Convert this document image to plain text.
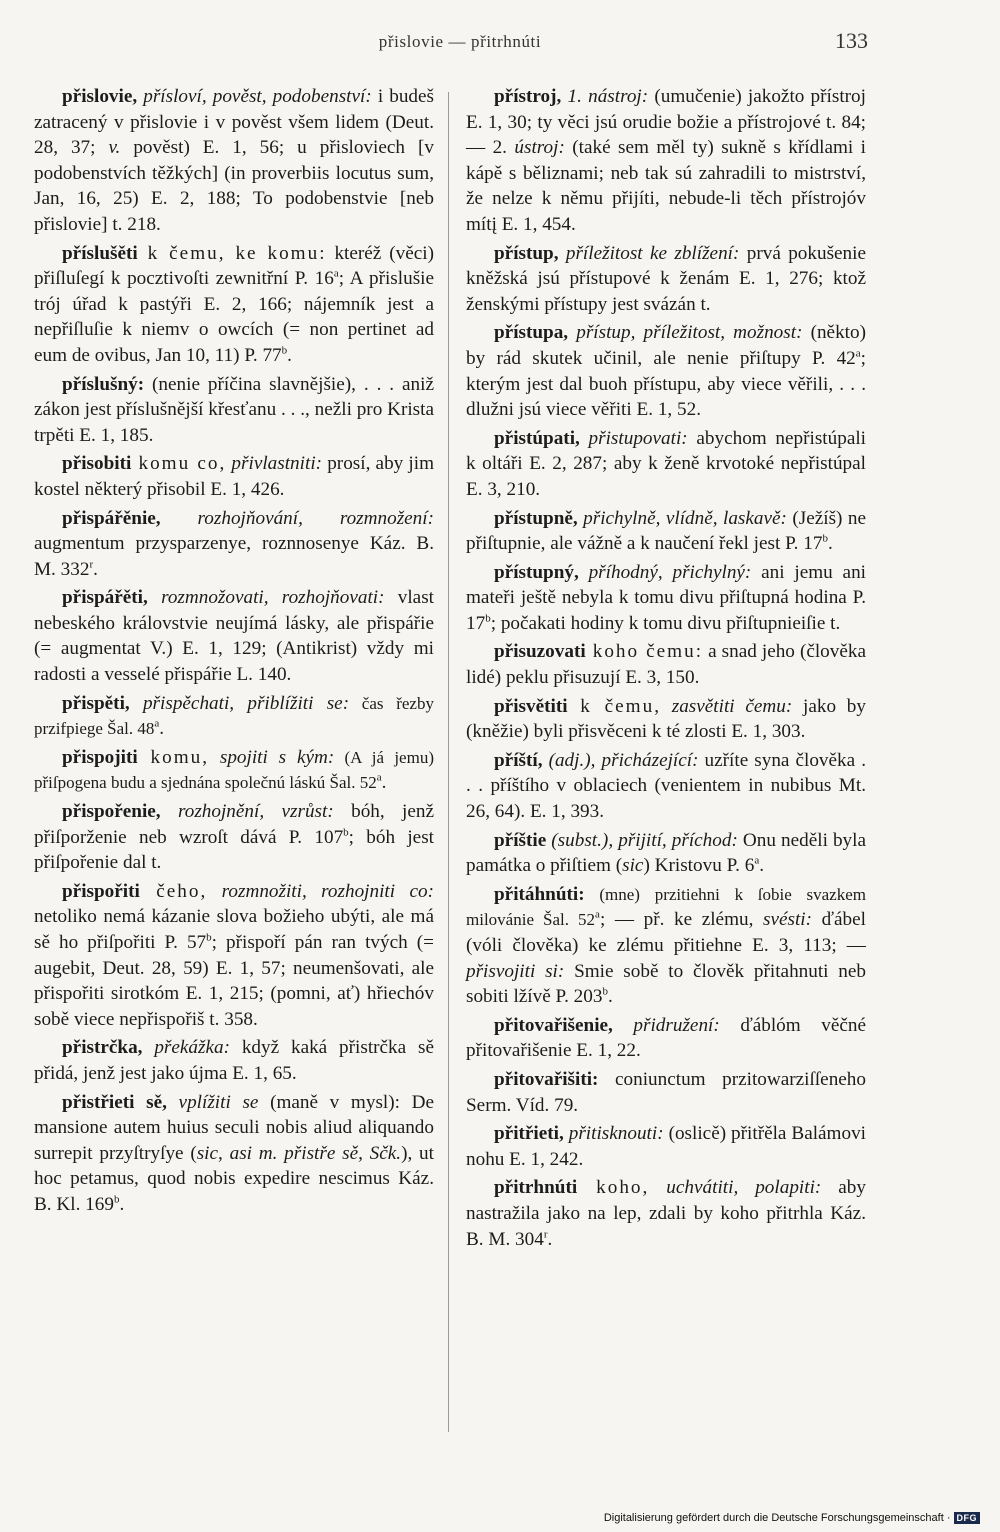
přislovie — přitrhnúti	133

přislovie, přísloví, pověst, podobenství: i budeš zatracený v přislovie i v pověst všem lidem (Deut. 28, 37; v. pověst) E. 1, 56; u přisloviech [v podobenstvích těžkých] (in proverbiis locutus sum, Jan, 16, 25) E. 2, 188; To podobenstvie [neb přislovie] t. 218.

příslušěti k čemu, ke komu: kteréž (věci) přiſluſegí k pocztivoſti zewnitřní P. 16$^a$; A přislušie trój úřad k pastýři E. 2, 166; nájemník jest a nepřiſluſie k niemv o owcích (= non pertinet ad eum de ovibus, Jan 10, 11) P. 77$^b$.

příslušný: (nenie příčina slavnějšie), . . . aniž zákon jest příslušnější křesťanu . . ., nežli pro Krista trpěti E. 1, 185.

přisobiti komu co, přivlastniti: prosí, aby jim kostel některý přisobil E. 1, 426.

přispářěnie, rozhojňování, rozmnožení: augmentum przysparzenye, roznnosenye Káz. B. M. 332$^r$.

přispářěti, rozmnožovati, rozhojňovati: vlast nebeského královstvie neujímá lásky, ale přispářie (= augmentat V.) E. 1, 129; (Antikrist) vždy mi radosti a vesselé přispářie L. 140.

přispěti, přispěchati, přiblížiti se: čas řezby przifpiege Šal. 48$^a$.

přispojiti komu, spojiti s kým: (A já jemu) přiſpogena budu a sjednána společnú láskú Šal. 52$^a$.

přispořenie, rozhojnění, vzrůst: bóh, jenž přiſporženie neb wzroſt dává P. 107$^b$; bóh jest přiſpořenie dal t.

přispořiti čeho, rozmnožiti, rozhojniti co: netoliko nemá kázanie slova božieho ubýti, ale má sě ho přiſpořiti P. 57$^b$; přispoří pán ran tvých (= augebit, Deut. 28, 59) E. 1, 57; neumenšovati, ale přispořiti sirotkóm E. 1, 215; (pomni, ať) hřiechóv sobě viece nepřispořiš t. 358.

přistrčka, překážka: když kaká přistrčka sě přidá, jenž jest jako újma E. 1, 65.

přistřieti sě, vplížiti se (maně v mysl): De mansione autem huius seculi nobis aliud aliquando surrepit przyſtryſye (sic, asi m. přistře sě, Sčk.), ut hoc petamus, quod nobis expedire nescimus Káz. B. Kl. 169$^b$.

přístroj, 1. nástroj: (umučenie) jakožto přístroj E. 1, 30; ty věci jsú orudie božie a přístrojové t. 84; — 2. ústroj: (také sem měl ty) sukně s křídlami i kápě s běliznami; neb tak sú zahradili to mistrství, že nelze k němu přijíti, nebude-li těch přístrojóv mítį E. 1, 454.

přístup, příležitost ke zblížení: prvá pokušenie kněžská jsú přístupové k ženám E. 1, 276; ktož ženskými přístupy jest svázán t.

přístupa, přístup, příležitost, možnost: (někto) by rád skutek učinil, ale nenie přiſtupy P. 42$^a$; kterým jest dal buoh přístupu, aby viece věřili, . . . dlužni jsú viece věřiti E. 1, 52.

přistúpati, přistupovati: abychom nepřistúpali k oltáři E. 2, 287; aby k ženě krvotoké nepřistúpal E. 3, 210.

přístupně, přichylně, vlídně, laskavě: (Ježíš) ne přiſtupnie, ale vážně a k naučení řekl jest P. 17$^b$.

přístupný, příhodný, přichylný: ani jemu ani mateři ještě nebyla k tomu divu přiſtupná hodina P. 17$^b$; počakati hodiny k tomu divu přiſtupnieiſie t.

přisuzovati koho čemu: a snad jeho (člověka lidé) peklu přisuzují E. 3, 150.

přisvětiti k čemu, zasvětiti čemu: jako by (kněžie) byli přisvěceni k té zlosti E. 1, 303.

příští, (adj.), přicházející: uzříte syna člověka . . . příštího v oblaciech (venientem in nubibus Mt. 26, 64). E. 1, 393.

příštie (subst.), přijití, příchod: Onu neděli byla památka o přiſtiem (sic) Kristovu P. 6$^a$.

přitáhnúti: (mne) przitiehni k ſobie svazkem milovánie Šal. 52$^a$; — př. ke zlému, svésti: ďábel (vóli člověka) ke zlému přitiehne E. 3, 113; — přisvojiti si: Smie sobě to člověk přitahnuti neb sobiti lžívě P. 203$^b$.

přitovařišenie, přidružení: ďáblóm věčné přitovařišenie E. 1, 22.

přitovařišiti: coniunctum przitowarziſſeneho Serm. Víd. 79.

přitřieti, přitisknouti: (oslicě) přitřěla Balámovi nohu E. 1, 242.

přitrhnúti koho, uchvátiti, polapiti: aby nastražila jako na lep, zdali by koho přitrhla Káz. B. M. 304$^r$.

Digitalisierung gefördert durch die Deutsche Forschungsgemeinschaft · DFG
